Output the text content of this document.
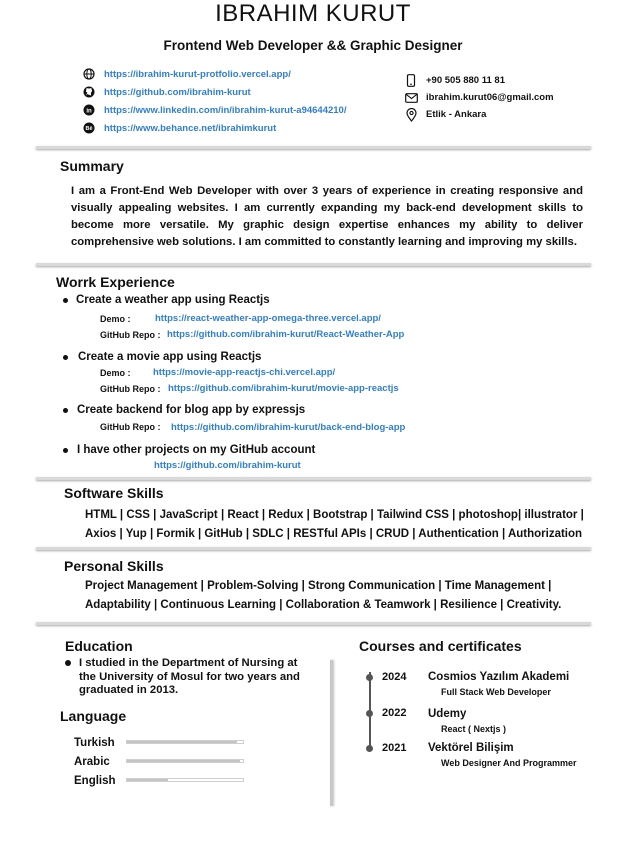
IBRAHIM KURUT
Frontend Web Developer && Graphic Designer
https://ibrahim-kurut-protfolio.vercel.app/
https://github.com/ibrahim-kurut
in https://www.linkedin.com/in/ibrahim-kurut-a94644210/
Bē https://www.behance.net/ibrahimkurut
+90 505 880 11 81
ibrahim.kurut06@gmail.com
Etlik - Ankara
Summary
I am a Front-End Web Developer with over 3 years of experience in creating responsive and visually appealing websites. I am currently expanding my back-end development skills to become more versatile. My graphic design expertise enhances my ability to deliver comprehensive web solutions. I am committed to constantly learning and improving my skills.
Worrk Experience
Create a weather app using Reactjs
Demo :	https://react-weather-app-omega-three.vercel.app/
GitHub Repo : https://github.com/ibrahim-kurut/React-Weather-App
Create a movie app using Reactjs
Demo : https://movie-app-reactjs-chi.vercel.app/
GitHub Repo : https://github.com/ibrahim-kurut/movie-app-reactjs
Create backend for blog app by expressjs
GitHub Repo : https://github.com/ibrahim-kurut/back-end-blog-app
I have other projects on my GitHub account
https://github.com/ibrahim-kurut
Software Skills
HTML | CSS | JavaScript | React | Redux | Bootstrap | Tailwind CSS | photoshop| illustrator |
Axios | Yup | Formik | GitHub | SDLC | RESTful APIs | CRUD | Authentication | Authorization
Personal Skills
Project Management | Problem-Solving | Strong Communication | Time Management |
Adaptability | Continuous Learning | Collaboration & Teamwork | Resilience | Creativity.
Education
I studied in the Department of Nursing at the University of Mosul for two years and graduated in 2013.
Language
Turkish
Arabic
English
Courses and certificates
2024 Cosmios Yazılım Akademi
Full Stack Web Developer
2022 Udemy
React ( Nextjs )
2021 Vektörel Bilişim
Web Designer And Programmer
